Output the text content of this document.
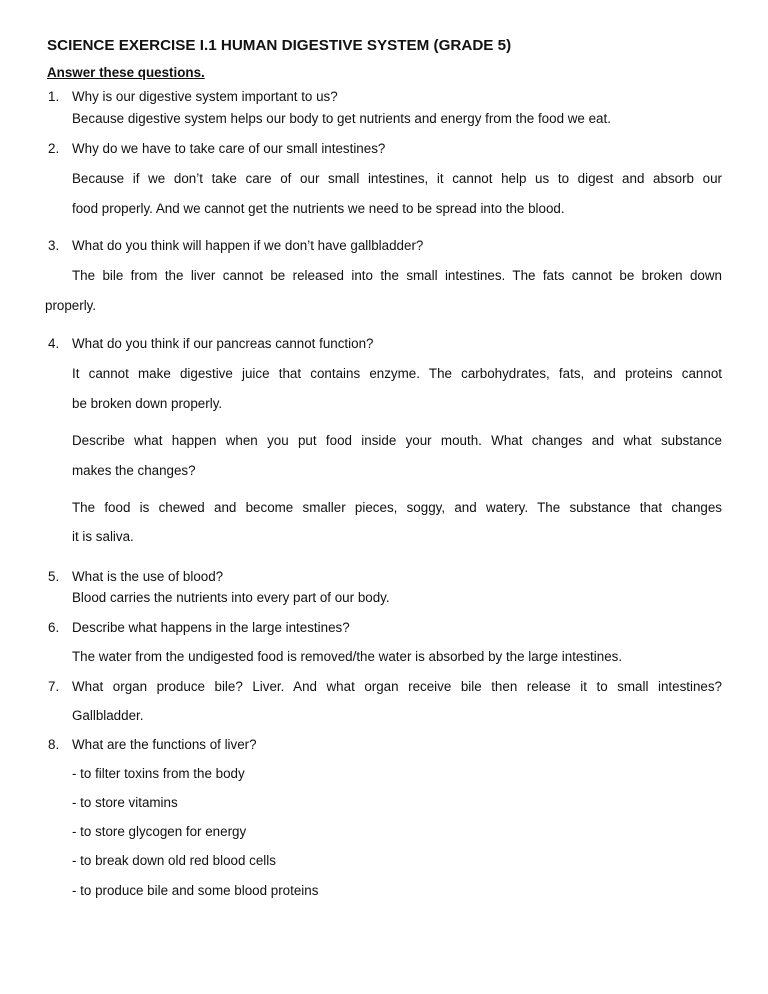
SCIENCE EXERCISE I.1 HUMAN DIGESTIVE SYSTEM (GRADE 5)
Answer these questions.
1. Why is our digestive system important to us?
Because digestive system helps our body to get nutrients and energy from the food we eat.
2. Why do we have to take care of our small intestines?
Because if we don’t take care of our small intestines, it cannot help us to digest and absorb our
food properly. And we cannot get the nutrients we need to be spread into the blood.
3. What do you think will happen if we don’t have gallbladder?
The bile from the liver cannot be released into the small intestines. The fats cannot be broken down
properly.
4. What do you think if our pancreas cannot function?
It cannot make digestive juice that contains enzyme. The carbohydrates, fats, and proteins cannot
be broken down properly.
Describe what happen when you put food inside your mouth. What changes and what substance
makes the changes?
The food is chewed and become smaller pieces, soggy, and watery. The substance that changes
it is saliva.
5. What is the use of blood?
Blood carries the nutrients into every part of our body.
6. Describe what happens in the large intestines?
The water from the undigested food is removed/the water is absorbed by the large intestines.
7. What organ produce bile? Liver. And what organ receive bile then release it to small intestines?
Gallbladder.
8. What are the functions of liver?
- to filter toxins from the body
- to store vitamins
- to store glycogen for energy
- to break down old red blood cells
- to produce bile and some blood proteins
